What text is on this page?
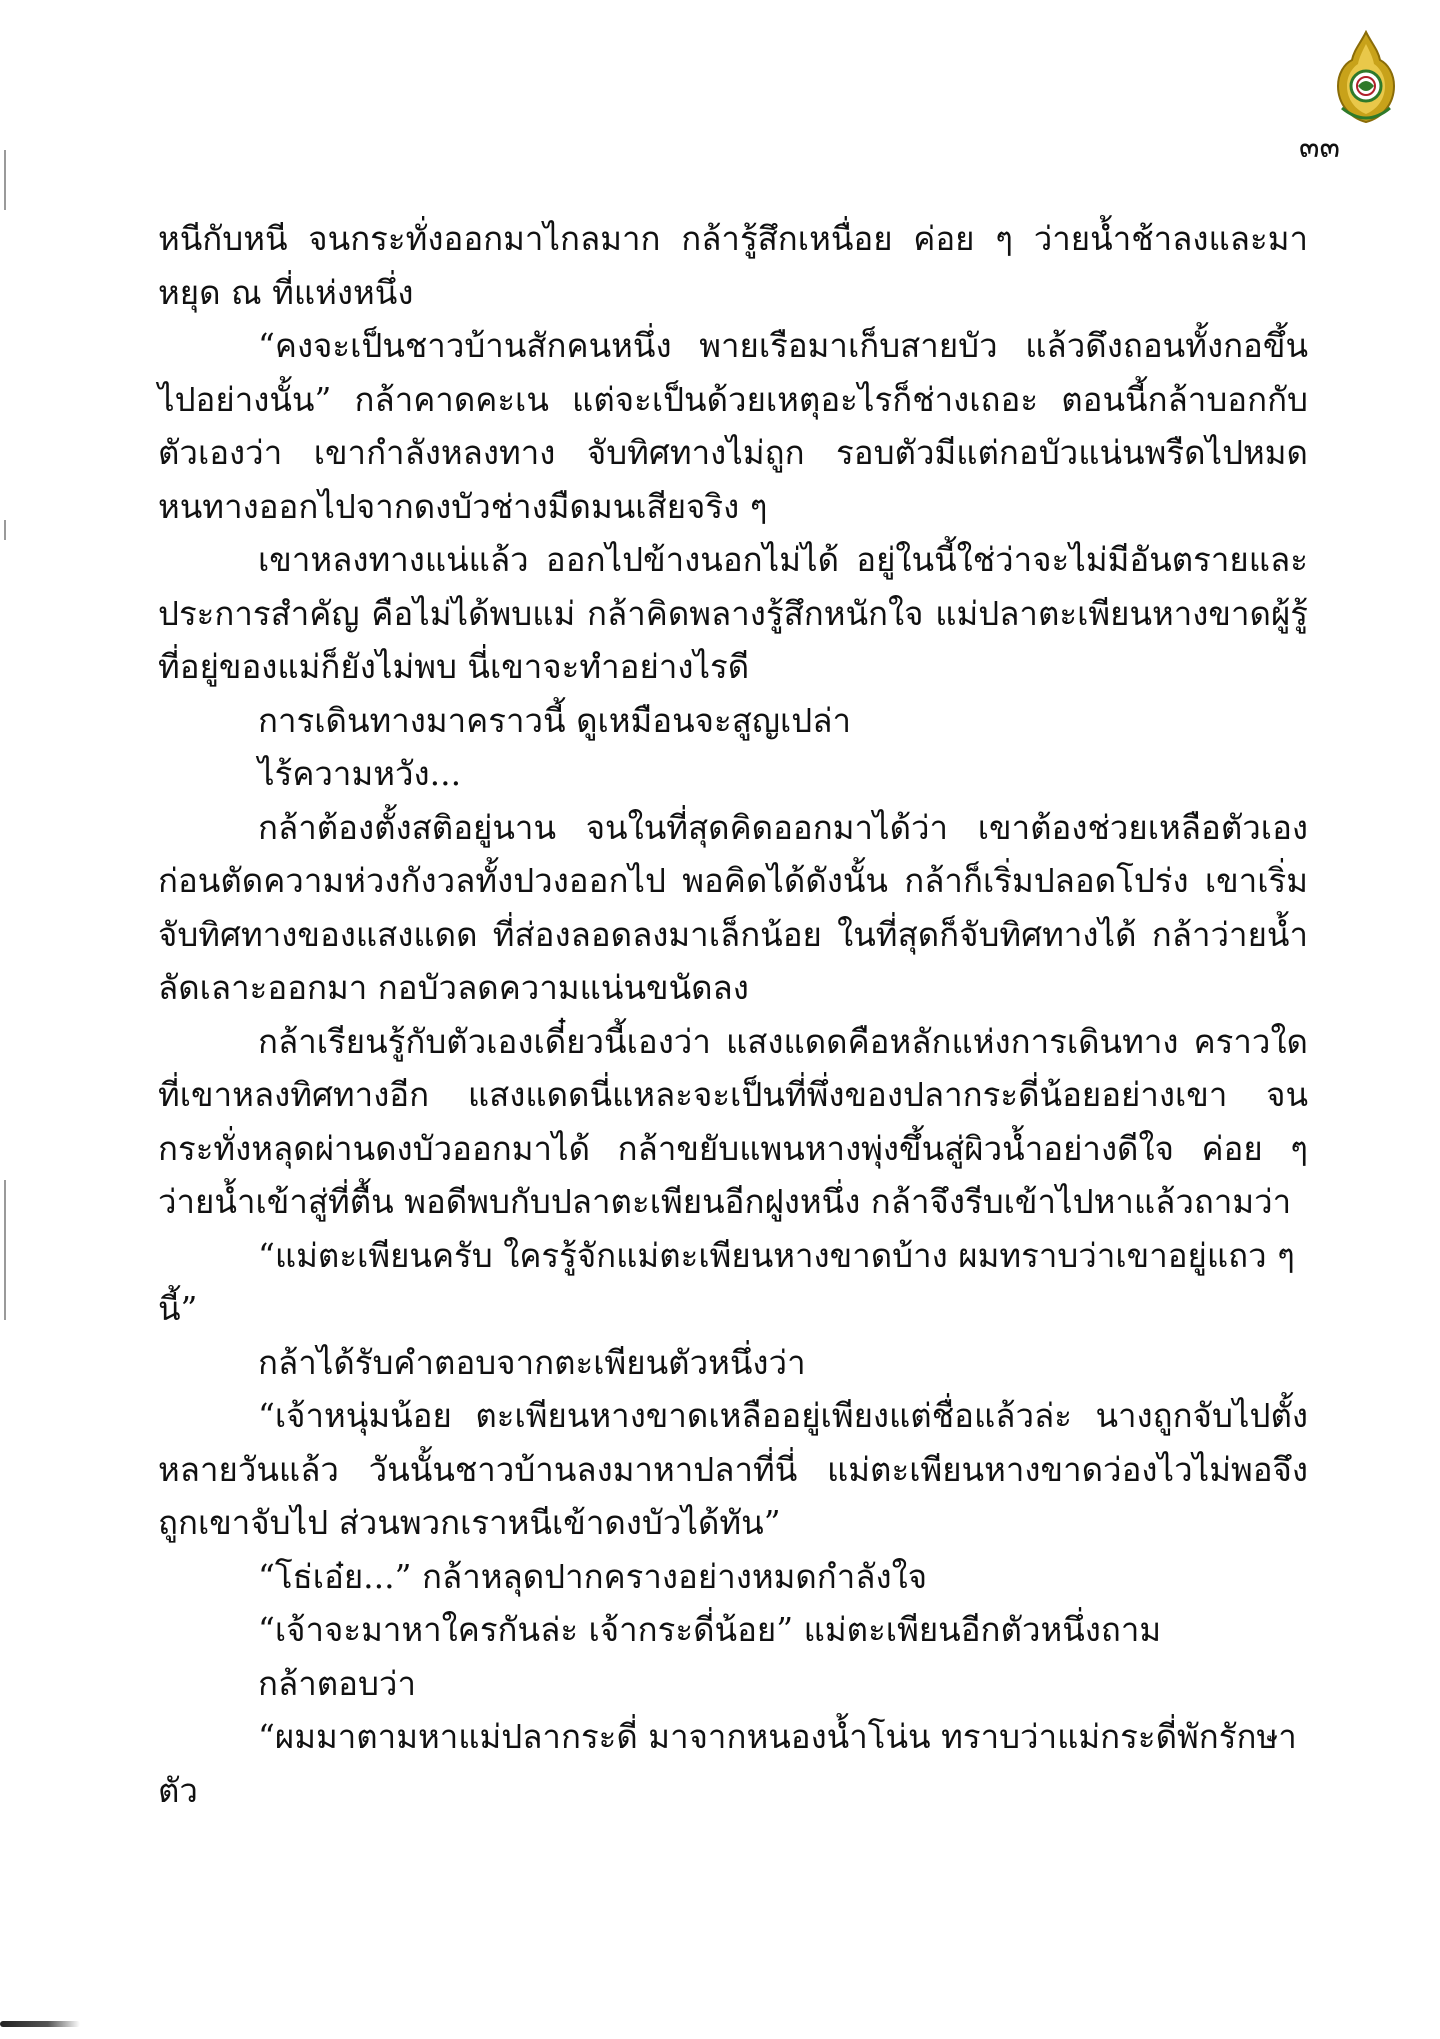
๓๓

หนีกับหนี จนกระทั่งออกมาไกลมาก กล้ารู้สึกเหนื่อย ค่อย ๆ ว่ายน้ำช้าลงและมาหยุด ณ ที่แห่งหนึ่ง

“คงจะเป็นชาวบ้านสักคนหนึ่ง พายเรือมาเก็บสายบัว แล้วดึงถอนทั้งกอขึ้นไปอย่างนั้น” กล้าคาดคะเน แต่จะเป็นด้วยเหตุอะไรก็ช่างเถอะ ตอนนี้กล้าบอกกับตัวเองว่า เขากำลังหลงทาง จับทิศทางไม่ถูก รอบตัวมีแต่กอบัวแน่นพรืดไปหมดหนทางออกไปจากดงบัวช่างมืดมนเสียจริง ๆ

เขาหลงทางแน่แล้ว ออกไปข้างนอกไม่ได้ อยู่ในนี้ใช่ว่าจะไม่มีอันตรายและประการสำคัญ คือไม่ได้พบแม่ กล้าคิดพลางรู้สึกหนักใจ แม่ปลาตะเพียนหางขาดผู้รู้ที่อยู่ของแม่ก็ยังไม่พบ นี่เขาจะทำอย่างไรดี

การเดินทางมาคราวนี้ ดูเหมือนจะสูญเปล่า

ไร้ความหวัง...

กล้าต้องตั้งสติอยู่นาน จนในที่สุดคิดออกมาได้ว่า เขาต้องช่วยเหลือตัวเองก่อนตัดความห่วงกังวลทั้งปวงออกไป พอคิดได้ดังนั้น กล้าก็เริ่มปลอดโปร่ง เขาเริ่มจับทิศทางของแสงแดด ที่ส่องลอดลงมาเล็กน้อย ในที่สุดก็จับทิศทางได้ กล้าว่ายน้ำลัดเลาะออกมา กอบัวลดความแน่นขนัดลง

กล้าเรียนรู้กับตัวเองเดี๋ยวนี้เองว่า แสงแดดคือหลักแห่งการเดินทาง คราวใดที่เขาหลงทิศทางอีก แสงแดดนี่แหละจะเป็นที่พึ่งของปลากระดี่น้อยอย่างเขา จนกระทั่งหลุดผ่านดงบัวออกมาได้ กล้าขยับแพนหางพุ่งขึ้นสู่ผิวน้ำอย่างดีใจ ค่อย ๆ ว่ายน้ำเข้าสู่ที่ตื้น พอดีพบกับปลาตะเพียนอีกฝูงหนึ่ง กล้าจึงรีบเข้าไปหาแล้วถามว่า

“แม่ตะเพียนครับ ใครรู้จักแม่ตะเพียนหางขาดบ้าง ผมทราบว่าเขาอยู่แถว ๆ นี้”

กล้าได้รับคำตอบจากตะเพียนตัวหนึ่งว่า

“เจ้าหนุ่มน้อย ตะเพียนหางขาดเหลืออยู่เพียงแต่ชื่อแล้วล่ะ นางถูกจับไปตั้งหลายวันแล้ว วันนั้นชาวบ้านลงมาหาปลาที่นี่ แม่ตะเพียนหางขาดว่องไวไม่พอจึงถูกเขาจับไป ส่วนพวกเราหนีเข้าดงบัวได้ทัน”

“โธ่เอ๋ย...” กล้าหลุดปากครางอย่างหมดกำลังใจ

“เจ้าจะมาหาใครกันล่ะ เจ้ากระดี่น้อย” แม่ตะเพียนอีกตัวหนึ่งถาม

กล้าตอบว่า

“ผมมาตามหาแม่ปลากระดี่ มาจากหนองน้ำโน่น ทราบว่าแม่กระดี่พักรักษาตัว
